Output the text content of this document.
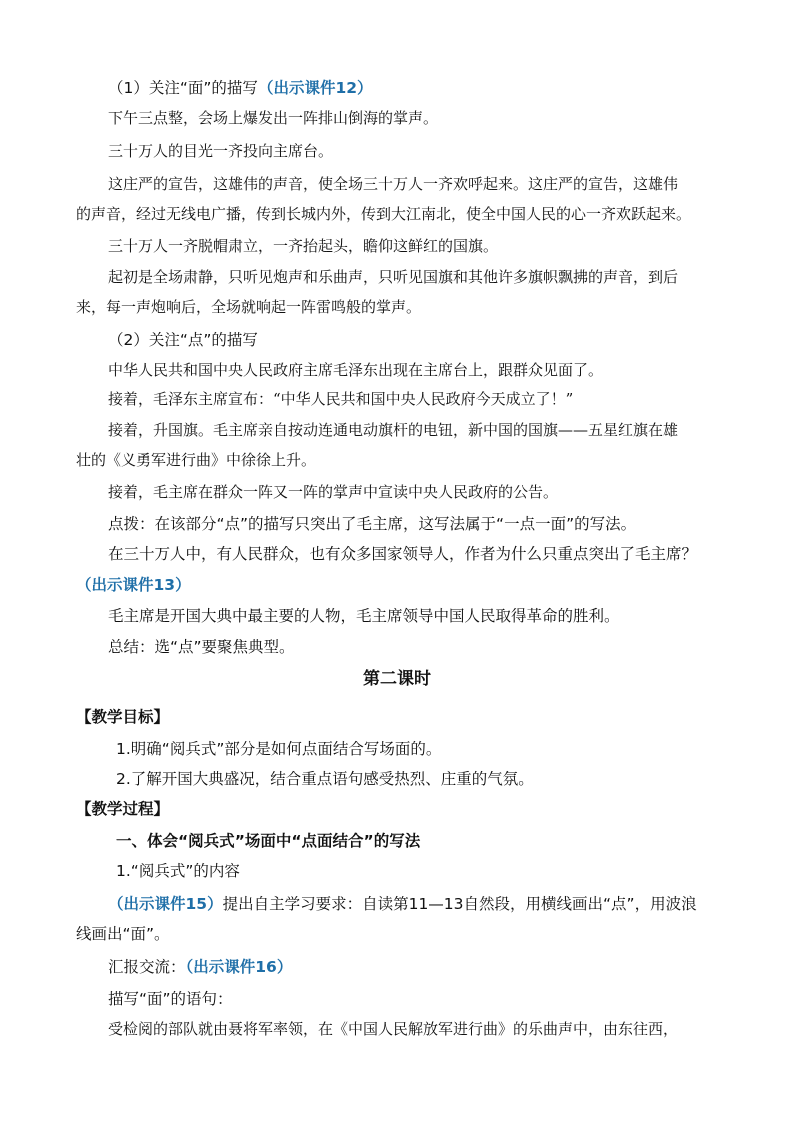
（1）关注“面”的描写（出示课件12）
下午三点整，会场上爆发出一阵排山倒海的掌声。
三十万人的目光一齐投向主席台。
这庄严的宣告，这雄伟的声音，使全场三十万人一齐欢呼起来。这庄严的宣告，这雄伟
的声音，经过无线电广播，传到长城内外，传到大江南北，使全中国人民的心一齐欢跃起来。
三十万人一齐脱帽肃立，一齐抬起头，瞻仰这鲜红的国旗。
起初是全场肃静，只听见炮声和乐曲声，只听见国旗和其他许多旗帜飘拂的声音，到后
来，每一声炮响后，全场就响起一阵雷鸣般的掌声。
（2）关注“点”的描写
中华人民共和国中央人民政府主席毛泽东出现在主席台上，跟群众见面了。
接着，毛泽东主席宣布：“中华人民共和国中央人民政府今天成立了！”
接着，升国旗。毛主席亲自按动连通电动旗杆的电钮，新中国的国旗——五星红旗在雄
壮的《义勇军进行曲》中徐徐上升。
接着，毛主席在群众一阵又一阵的掌声中宣读中央人民政府的公告。
点拨：在该部分“点”的描写只突出了毛主席，这写法属于“一点一面”的写法。
在三十万人中，有人民群众，也有众多国家领导人，作者为什么只重点突出了毛主席？
（出示课件13）
毛主席是开国大典中最主要的人物，毛主席领导中国人民取得革命的胜利。
总结：选“点”要聚焦典型。
第二课时
【教学目标】
1.明确“阅兵式”部分是如何点面结合写场面的。
2.了解开国大典盛况，结合重点语句感受热烈、庄重的气氛。
【教学过程】
一、体会“阅兵式”场面中“点面结合”的写法
1.“阅兵式”的内容
（出示课件15）提出自主学习要求：自读第11—13自然段，用横线画出“点”，用波浪
线画出“面”。
汇报交流：（出示课件16）
描写“面”的语句：
受检阅的部队就由聂将军率领，在《中国人民解放军进行曲》的乐曲声中，由东往西，
